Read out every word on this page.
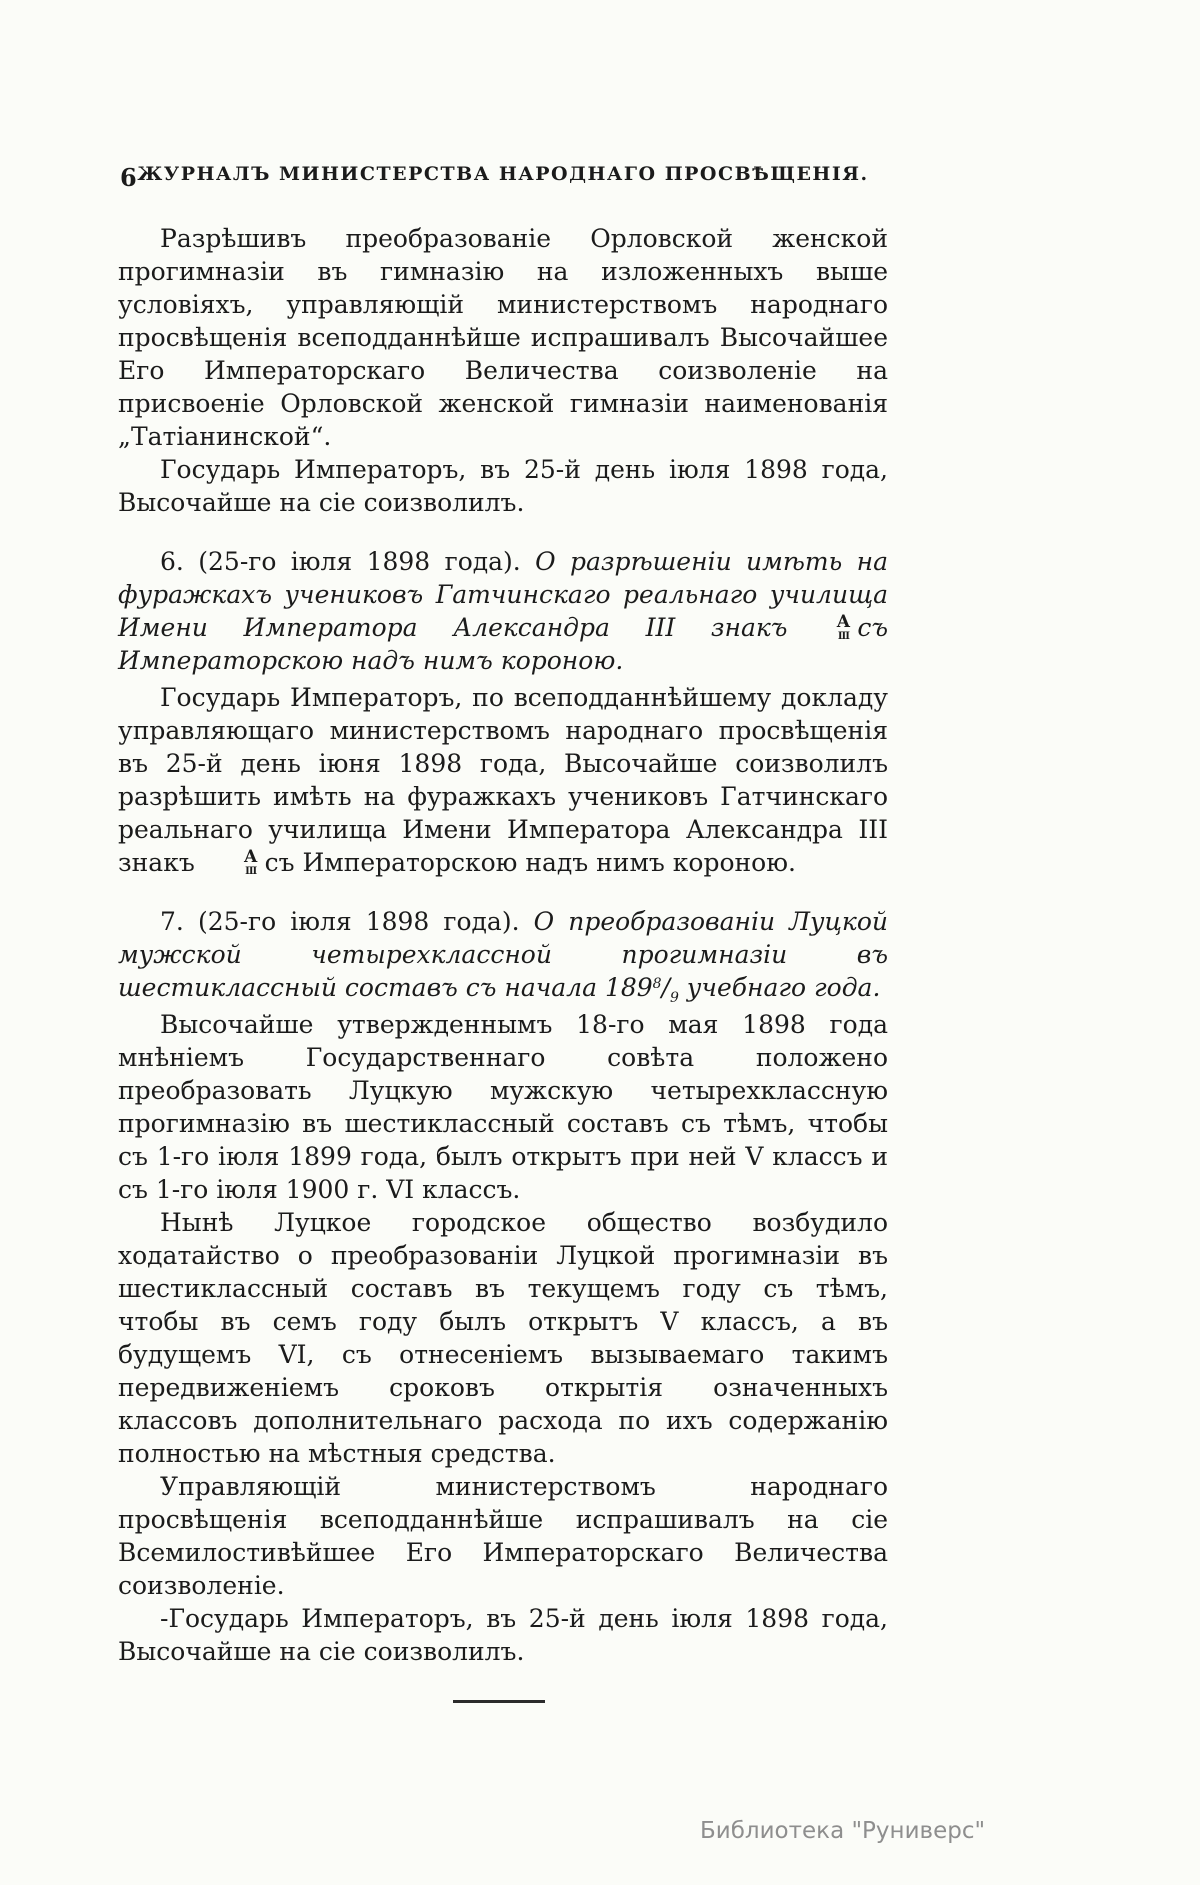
6 ЖУРНАЛЪ МИНИСТЕРСТВА НАРОДНАГО ПРОСВѢЩЕНІЯ.

Разрѣшивъ преобразованіе Орловской женской прогимназіи въ гимназію на изложенныхъ выше условіяхъ, управляющій министерствомъ народнаго просвѣщенія всеподданнѣйше испрашивалъ Высочайшее Его Императорскаго Величества соизволеніе на присвоеніе Орловской женской гимназіи наименованія „Татіанинской“.

Государь Императоръ, въ 25-й день іюля 1898 года, Высочайше на сіе соизволилъ.

6. (25-го іюля 1898 года). О разрѣшеніи имѣть на фуражкахъ учениковъ Гатчинскаго реальнаго училища Имени Императора Александра III знакъ	А
III съ Императорскою надъ нимъ короною.

Государь Императоръ, по всеподданнѣйшему докладу управляющаго министерствомъ народнаго просвѣщенія въ 25-й день іюня 1898 года, Высочайше соизволилъ разрѣшить имѣть на фуражкахъ учениковъ Гатчинскаго реальнаго училища Имени Императора Александра III знакъ	А
III съ Императорскою надъ нимъ короною.

7. (25-го іюля 1898 года). О преобразованіи Луцкой мужской четырехклассной прогимназіи въ шестиклассный составъ съ начала $189^8/_9$ учебнаго года.

Высочайше утвержденнымъ 18-го мая 1898 года мнѣніемъ Государственнаго совѣта положено преобразовать Луцкую мужскую четырехклассную прогимназію въ шестиклассный составъ съ тѣмъ, чтобы съ 1-го іюля 1899 года, былъ открытъ при ней V классъ и съ 1-го іюля 1900 г. VI классъ.

Нынѣ Луцкое городское общество возбудило ходатайство о преобразованіи Луцкой прогимназіи въ шестиклассный составъ въ текущемъ году съ тѣмъ, чтобы въ семъ году былъ открытъ V классъ, а въ будущемъ VI, съ отнесеніемъ вызываемаго такимъ передвиженіемъ сроковъ открытія означенныхъ классовъ дополнительнаго расхода по ихъ содержанію полностью на мѣстныя средства.

Управляющій министерствомъ народнаго просвѣщенія всеподданнѣйше испрашивалъ на сіе Всемилостивѣйшее Его Императорскаго Величества соизволеніе.

-Государь Императоръ, въ 25-й день іюля 1898 года, Высочайше на сіе соизволилъ.

Библиотека "Руниверс"
